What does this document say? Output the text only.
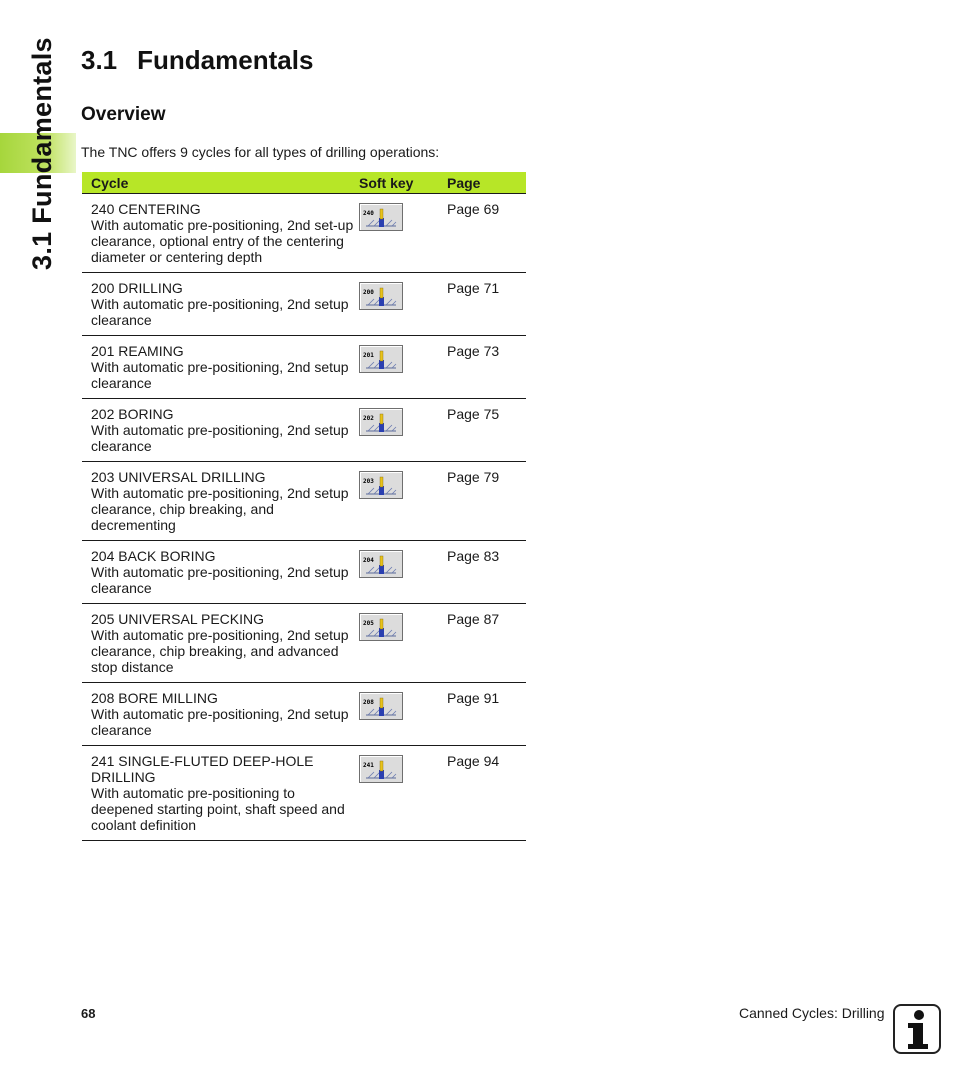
3.1 Fundamentals 3.1 Fundamentals
Overview

The TNC offers 9 cycles for all types of drilling operations:

Cycle	Soft key	Page

240 CENTERING
With automatic pre-positioning, 2nd set-up clearance, optional entry of the centering diameter or centering depth	240	Page 69

200 DRILLING
With automatic pre-positioning, 2nd setup clearance	200	Page 71

201 REAMING
With automatic pre-positioning, 2nd setup clearance	201	Page 73

202 BORING
With automatic pre-positioning, 2nd setup clearance	202	Page 75

203 UNIVERSAL DRILLING
With automatic pre-positioning, 2nd setup clearance, chip breaking, and decrementing	203	Page 79

204 BACK BORING
With automatic pre-positioning, 2nd setup clearance	204	Page 83

205 UNIVERSAL PECKING
With automatic pre-positioning, 2nd setup clearance, chip breaking, and advanced stop distance	205	Page 87

208 BORE MILLING
With automatic pre-positioning, 2nd setup clearance	208	Page 91

241 SINGLE-FLUTED DEEP-HOLE DRILLING
With automatic pre-positioning to deepened starting point, shaft speed and coolant definition	241	Page 94
68	Canned Cycles: Drilling
